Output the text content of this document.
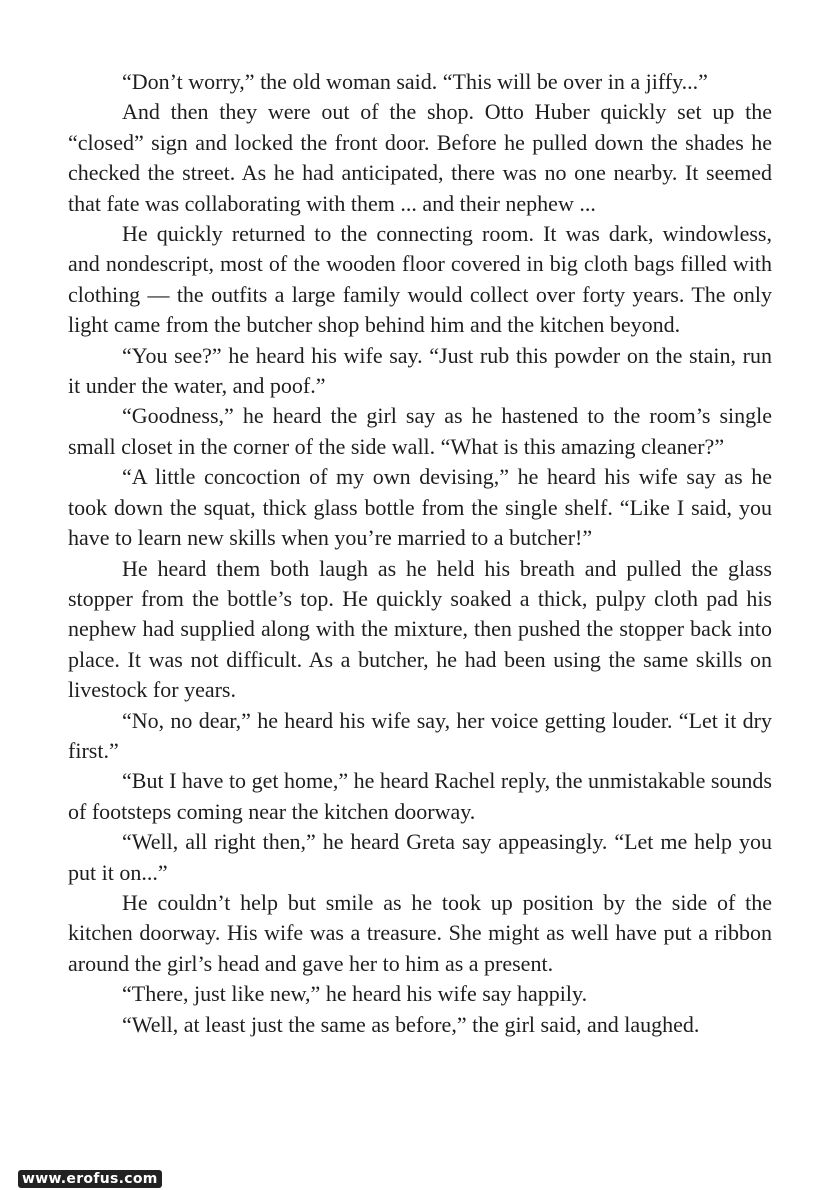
“Don’t worry,” the old woman said. “This will be over in a jiffy...”

And then they were out of the shop. Otto Huber quickly set up the “closed” sign and locked the front door. Before he pulled down the shades he checked the street. As he had anticipated, there was no one nearby. It seemed that fate was collaborating with them ... and their nephew ...

He quickly returned to the connecting room. It was dark, windowless, and nondescript, most of the wooden floor covered in big cloth bags filled with clothing — the outfits a large family would collect over forty years. The only light came from the butcher shop behind him and the kitchen beyond.

“You see?” he heard his wife say. “Just rub this powder on the stain, run it under the water, and poof.”

“Goodness,” he heard the girl say as he hastened to the room’s single small closet in the corner of the side wall. “What is this amazing cleaner?”

“A little concoction of my own devising,” he heard his wife say as he took down the squat, thick glass bottle from the single shelf. “Like I said, you have to learn new skills when you’re married to a butcher!”

He heard them both laugh as he held his breath and pulled the glass stopper from the bottle’s top. He quickly soaked a thick, pulpy cloth pad his nephew had supplied along with the mixture, then pushed the stopper back into place. It was not difficult. As a butcher, he had been using the same skills on livestock for years.

“No, no dear,” he heard his wife say, her voice getting louder. “Let it dry first.”

“But I have to get home,” he heard Rachel reply, the unmistakable sounds of footsteps coming near the kitchen doorway.

“Well, all right then,” he heard Greta say appeasingly. “Let me help you put it on...”

He couldn’t help but smile as he took up position by the side of the kitchen doorway. His wife was a treasure. She might as well have put a ribbon around the girl’s head and gave her to him as a present.

“There, just like new,” he heard his wife say happily.

“Well, at least just the same as before,” the girl said, and laughed.

www.erofus.com
